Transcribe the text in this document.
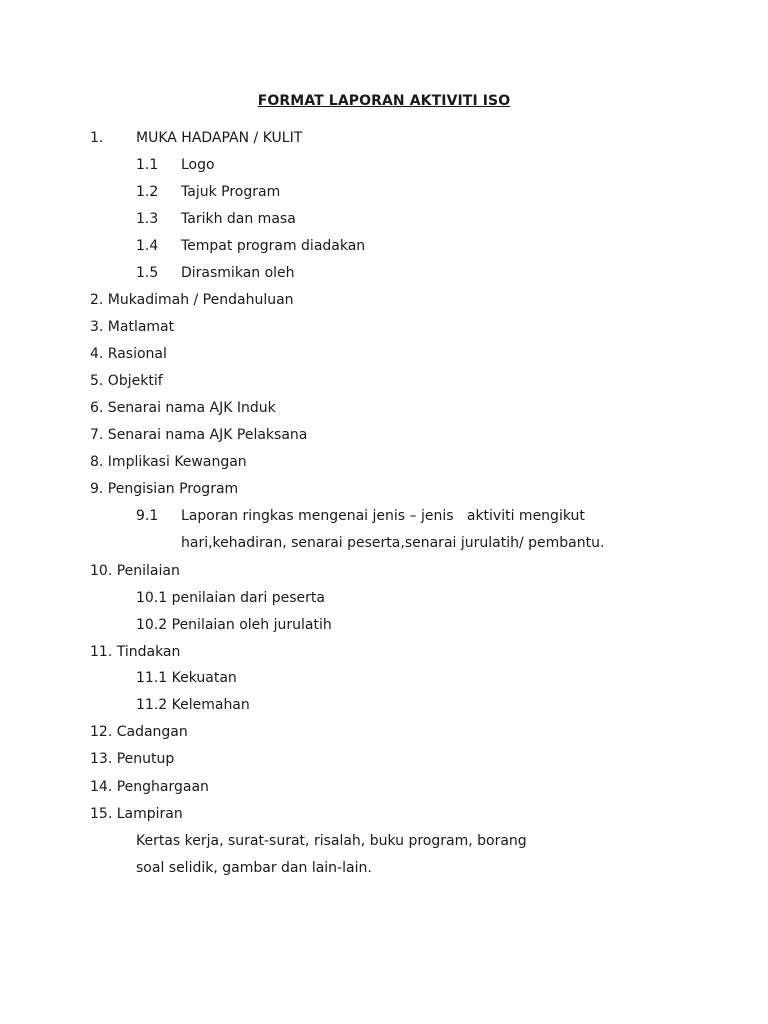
FORMAT LAPORAN AKTIVITI ISO
1. MUKA HADAPAN / KULIT
1.1 Logo
1.2 Tajuk Program
1.3 Tarikh dan masa
1.4 Tempat program diadakan
1.5 Dirasmikan oleh
2. Mukadimah / Pendahuluan
3. Matlamat
4. Rasional
5. Objektif
6. Senarai nama AJK Induk
7. Senarai nama AJK Pelaksana
8. Implikasi Kewangan
9. Pengisian Program
9.1 Laporan ringkas mengenai jenis – jenis   aktiviti mengikut
hari,kehadiran, senarai peserta,senarai jurulatih/ pembantu.
10. Penilaian
10.1 penilaian dari peserta
10.2 Penilaian oleh jurulatih
11. Tindakan
11.1 Kekuatan
11.2 Kelemahan
12. Cadangan
13. Penutup
14. Penghargaan
15. Lampiran
Kertas kerja, surat-surat, risalah, buku program, borang
soal selidik, gambar dan lain-lain.
